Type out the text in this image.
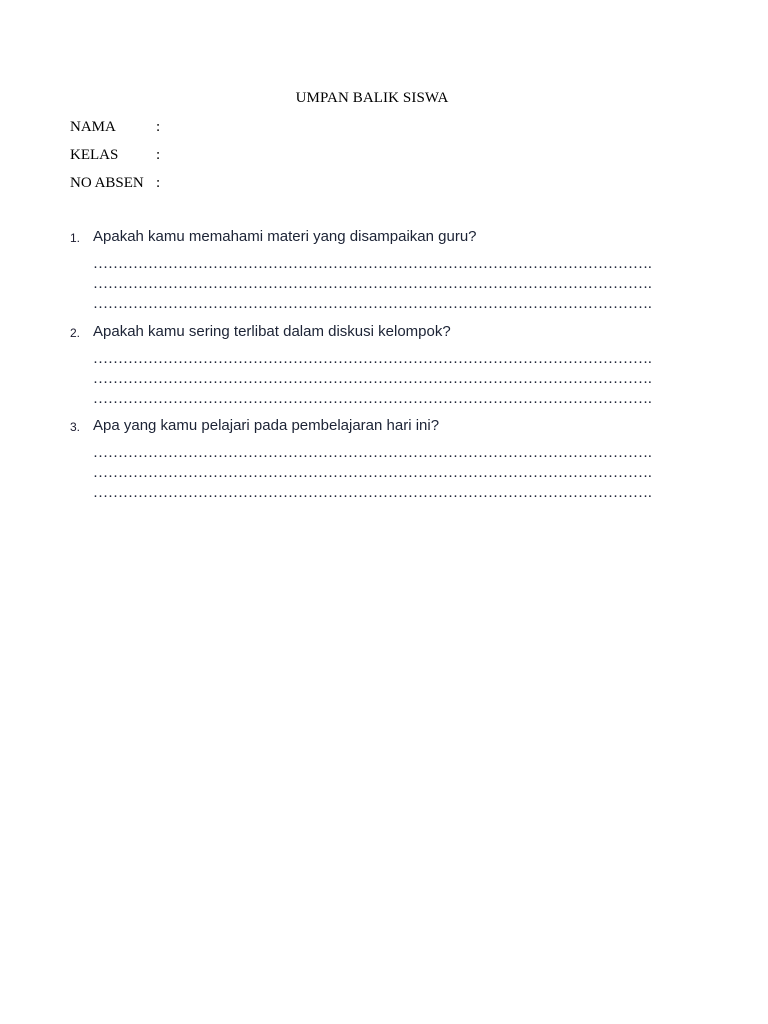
UMPAN BALIK SISWA
NAMA	:
KELAS	:
NO ABSEN :
1. Apakah kamu memahami materi yang disampaikan guru?
………………………………………………………………………………………………….
………………………………………………………………………………………………….
………………………………………………………………………………………………….
2. Apakah kamu sering terlibat dalam diskusi kelompok?
………………………………………………………………………………………………….
………………………………………………………………………………………………….
………………………………………………………………………………………………….
3. Apa yang kamu pelajari pada pembelajaran hari ini?
………………………………………………………………………………………………….
………………………………………………………………………………………………….
………………………………………………………………………………………………….
